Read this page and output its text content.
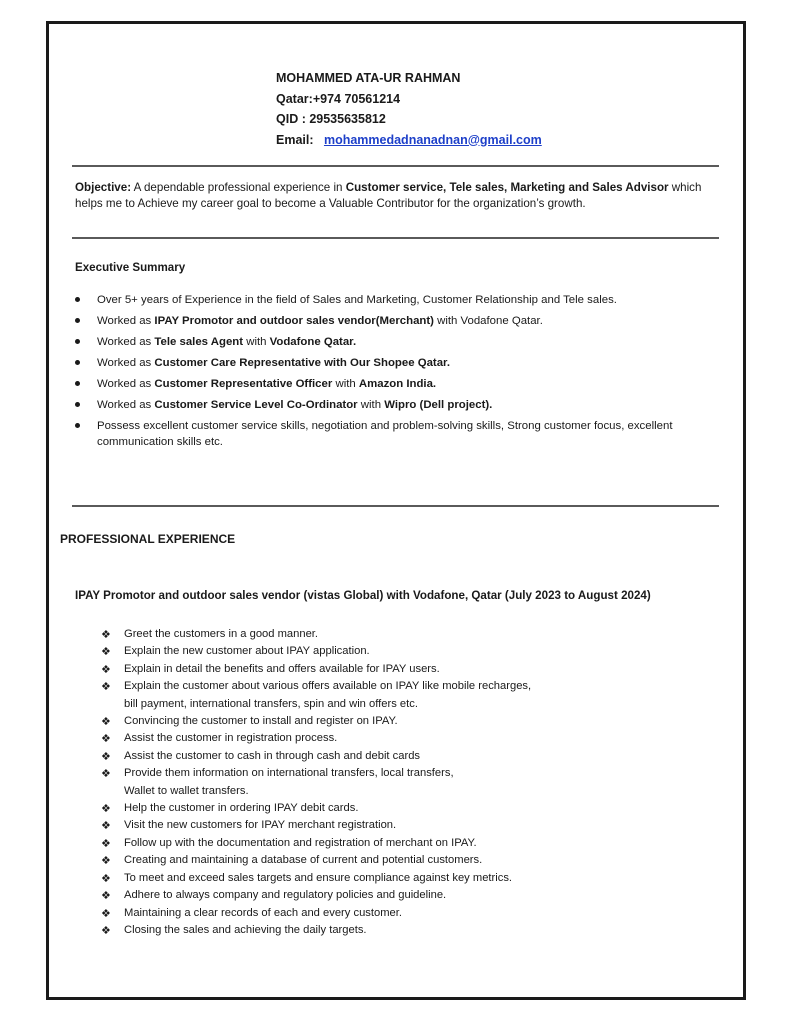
MOHAMMED ATA-UR RAHMAN
Qatar:+974 70561214
QID : 29535635812
Email: mohammedadnanadnan@gmail.com
Objective: A dependable professional experience in Customer service, Tele sales, Marketing and Sales Advisor which helps me to Achieve my career goal to become a Valuable Contributor for the organization’s growth.
Executive Summary
Over 5+ years of Experience in the field of Sales and Marketing, Customer Relationship and Tele sales.
Worked as IPAY Promotor and outdoor sales vendor(Merchant) with Vodafone Qatar.
Worked as Tele sales Agent with Vodafone Qatar.
Worked as Customer Care Representative with Our Shopee Qatar.
Worked as Customer Representative Officer with Amazon India.
Worked as Customer Service Level Co-Ordinator with Wipro (Dell project).
Possess excellent customer service skills, negotiation and problem-solving skills, Strong customer focus, excellent communication skills etc.
PROFESSIONAL EXPERIENCE
IPAY Promotor and outdoor sales vendor (vistas Global) with Vodafone, Qatar (July 2023 to August 2024)
❖ Greet the customers in a good manner.
❖ Explain the new customer about IPAY application.
❖ Explain in detail the benefits and offers available for IPAY users.
❖ Explain the customer about various offers available on IPAY like mobile recharges,
bill payment, international transfers, spin and win offers etc.
❖ Convincing the customer to install and register on IPAY.
❖ Assist the customer in registration process.
❖ Assist the customer to cash in through cash and debit cards
❖ Provide them information on international transfers, local transfers,
Wallet to wallet transfers.
❖ Help the customer in ordering IPAY debit cards.
❖ Visit the new customers for IPAY merchant registration.
❖ Follow up with the documentation and registration of merchant on IPAY.
❖ Creating and maintaining a database of current and potential customers.
❖ To meet and exceed sales targets and ensure compliance against key metrics.
❖ Adhere to always company and regulatory policies and guideline.
❖ Maintaining a clear records of each and every customer.
❖ Closing the sales and achieving the daily targets.
